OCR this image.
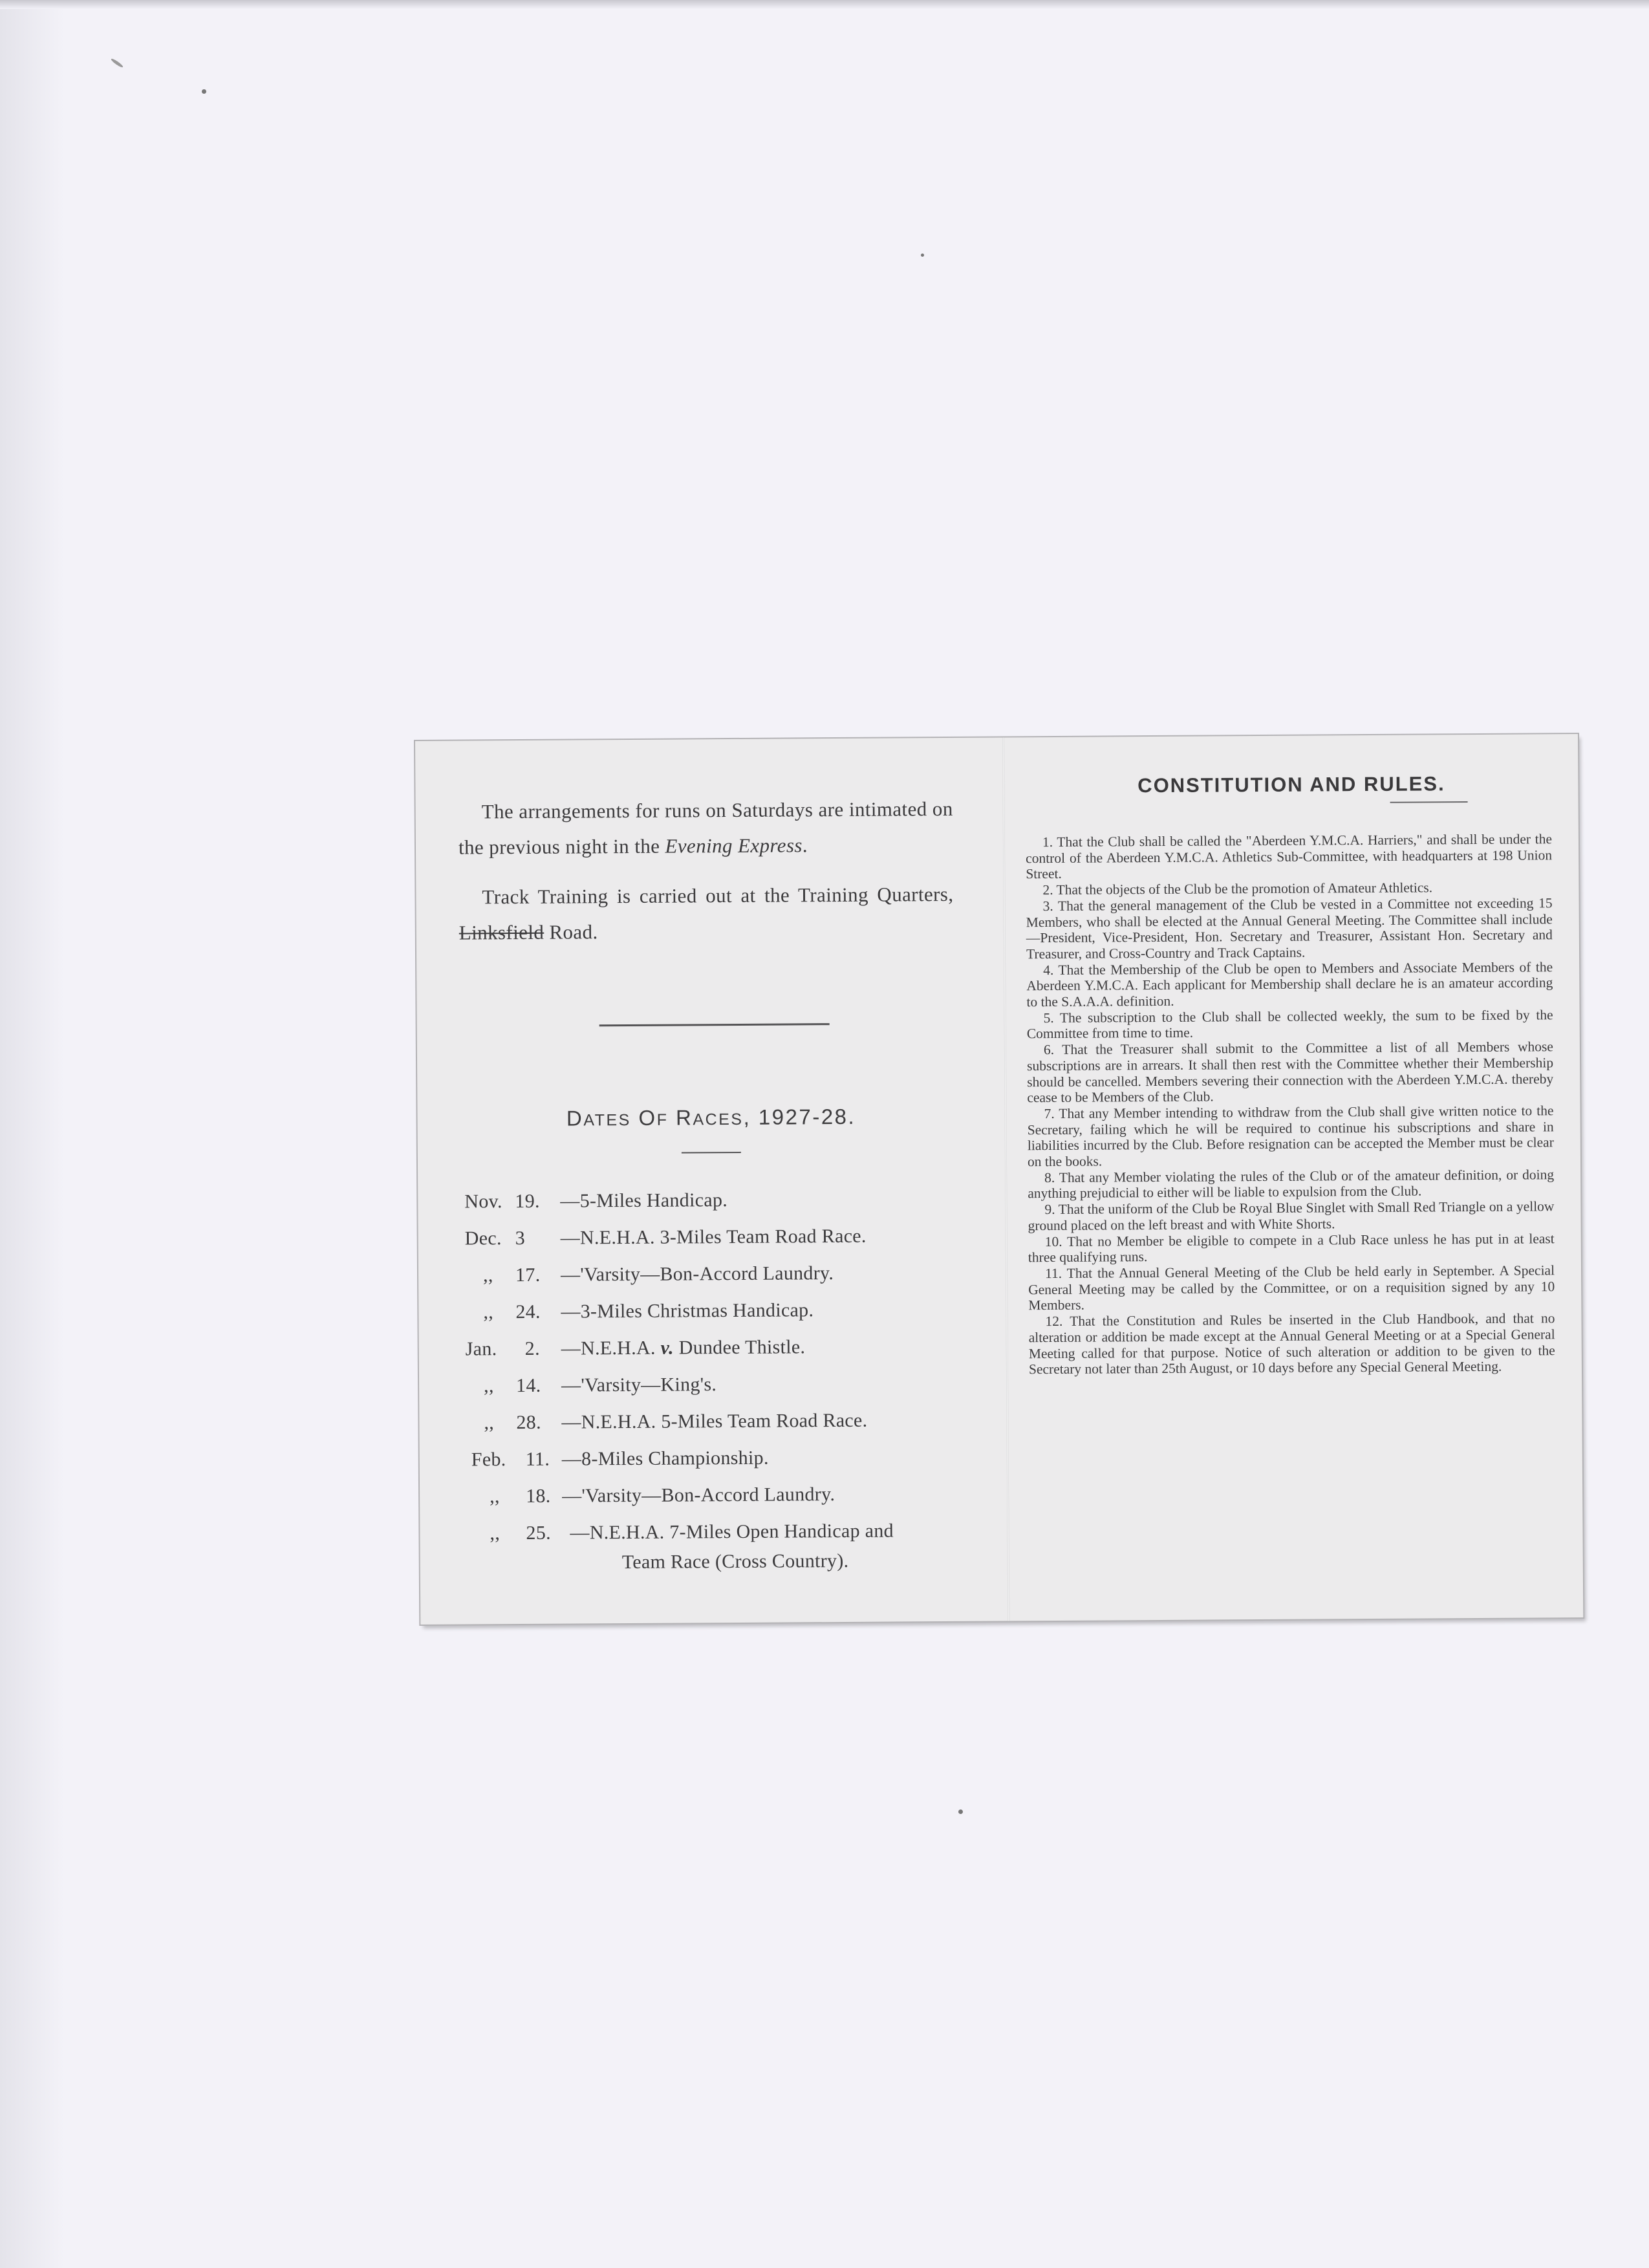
The arrangements for runs on Saturdays are intimated on the previous night in the Evening Express.

Track Training is carried out at the Training Quarters, Linksfield Road.

DATES OF RACES, 1927-28.
Nov. 19.	—5-Miles Handicap.
Dec. 3	—N.E.H.A. 3-Miles Team Road Race.
,,	17.	—'Varsity—Bon-Accord Laundry.
,,	24.	—3-Miles Christmas Handicap.
Jan.	2.	—N.E.H.A. v. Dundee Thistle.
,,	14.	—'Varsity—King's.
,,	28.	—N.E.H.A. 5-Miles Team Road Race.
Feb.	11. —8-Miles Championship.
,,	18. —'Varsity—Bon-Accord Laundry.
,,	25. —N.E.H.A. 7-Miles Open Handicap and
Team Race (Cross Country).
CONSTITUTION AND RULES.

1. That the Club shall be called the "Aberdeen Y.M.C.A. Harriers," and shall be under the control of the Aberdeen Y.M.C.A. Athletics Sub-Committee, with headquarters at 198 Union Street.

2. That the objects of the Club be the promotion of Amateur Athletics.

3. That the general management of the Club be vested in a Committee not exceeding 15 Members, who shall be elected at the Annual General Meeting. The Committee shall include—President, Vice-President, Hon. Secretary and Treasurer, Assistant Hon. Secretary and Treasurer, and Cross-Country and Track Captains.

4. That the Membership of the Club be open to Members and Associate Members of the Aberdeen Y.M.C.A. Each applicant for Membership shall declare he is an amateur according to the S.A.A.A. definition.

5. The subscription to the Club shall be collected weekly, the sum to be fixed by the Committee from time to time.

6. That the Treasurer shall submit to the Committee a list of all Members whose subscriptions are in arrears. It shall then rest with the Committee whether their Membership should be cancelled. Members severing their connection with the Aberdeen Y.M.C.A. thereby cease to be Members of the Club.

7. That any Member intending to withdraw from the Club shall give written notice to the Secretary, failing which he will be required to continue his subscriptions and share in liabilities incurred by the Club. Before resignation can be accepted the Member must be clear on the books.

8. That any Member violating the rules of the Club or of the amateur definition, or doing anything prejudicial to either will be liable to expulsion from the Club.

9. That the uniform of the Club be Royal Blue Singlet with Small Red Triangle on a yellow ground placed on the left breast and with White Shorts.

10. That no Member be eligible to compete in a Club Race unless he has put in at least three qualifying runs.

11. That the Annual General Meeting of the Club be held early in September. A Special General Meeting may be called by the Committee, or on a requisition signed by any 10 Members.

12. That the Constitution and Rules be inserted in the Club Handbook, and that no alteration or addition be made except at the Annual General Meeting or at a Special General Meeting called for that purpose. Notice of such alteration or addition to be given to the Secretary not later than 25th August, or 10 days before any Special General Meeting.
